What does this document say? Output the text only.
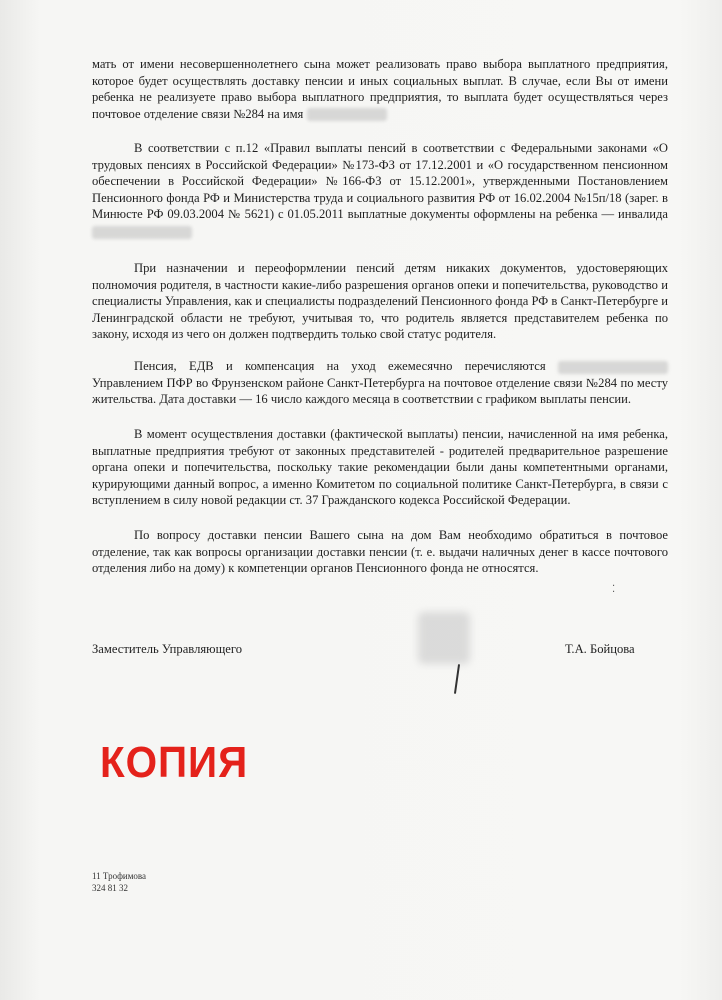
мать от имени несовершеннолетнего сына может реализовать право выбора выплатного предприятия, которое будет осуществлять доставку пенсии и иных социальных выплат. В случае, если Вы от имени ребенка не реализуете право выбора выплатного предприятия, то выплата будет осуществляться через почтовое отделение связи №284 на имя

В соответствии с п.12 «Правил выплаты пенсий в соответствии с Федеральными законами «О трудовых пенсиях в Российской Федерации» №173-ФЗ от 17.12.2001 и «О государственном пенсионном обеспечении в Российской Федерации» №166-ФЗ от 15.12.2001», утвержденными Постановлением Пенсионного фонда РФ и Министерства труда и социального развития РФ от 16.02.2004 №15п/18 (зарег. в Минюсте РФ 09.03.2004 № 5621) с 01.05.2011 выплатные документы оформлены на ребенка — инвалида

При назначении и переоформлении пенсий детям никаких документов, удостоверяющих полномочия родителя, в частности какие-либо разрешения органов опеки и попечительства, руководство и специалисты Управления, как и специалисты подразделений Пенсионного фонда РФ в Санкт-Петербурге и Ленинградской области не требуют, учитывая то, что родитель является представителем ребенка по закону, исходя из чего он должен подтвердить только свой статус родителя.

Пенсия, ЕДВ и компенсация на уход ежемесячно перечисляются  Управлением ПФР во Фрунзенском районе Санкт-Петербурга на почтовое отделение связи №284 по месту жительства. Дата доставки — 16 число каждого месяца в соответствии с графиком выплаты пенсии.

В момент осуществления доставки (фактической выплаты) пенсии, начисленной на имя ребенка, выплатные предприятия требуют от законных представителей - родителей предварительное разрешение органа опеки и попечительства, поскольку такие рекомендации были даны компетентными органами, курирующими данный вопрос, а именно Комитетом по социальной политике Санкт-Петербурга, в связи с вступлением в силу новой редакции ст. 37 Гражданского кодекса Российской Федерации.

По вопросу доставки пенсии Вашего сына на дом Вам необходимо обратиться в почтовое отделение, так как вопросы организации доставки пенсии (т. е. выдачи наличных денег в кассе почтового отделения либо на дому) к компетенции органов Пенсионного фонда не относятся.

⁚
Заместитель Управляющего	Т.А. Бойцова
КОПИЯ
11 Трофимова
324 81 32
